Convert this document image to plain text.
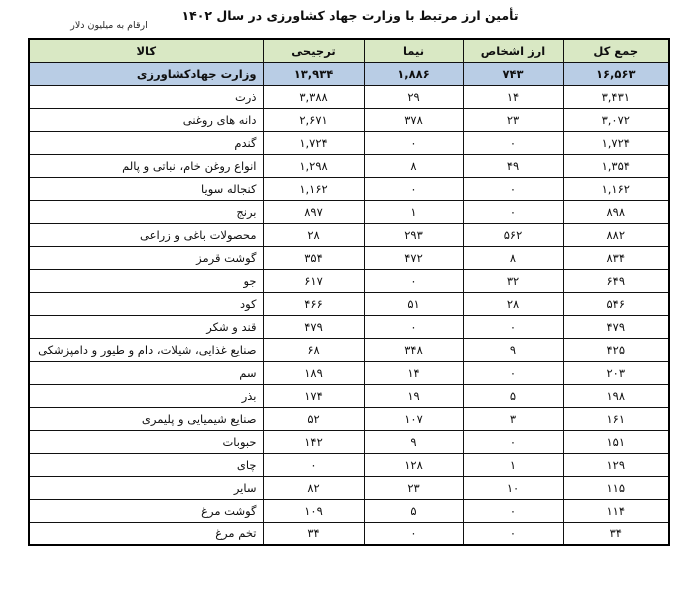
تأمین ارز مرتبط با وزارت جهاد کشاورزی در سال ۱۴۰۲
ارقام به میلیون دلار
جمع کل	ارز اشخاص	نیما	ترجیحی	کالا
۱۶,۵۶۳	۷۴۳	۱,۸۸۶	۱۳,۹۳۴	وزارت جهادکشاورزی
۳,۴۳۱	۱۴	۲۹	۳,۳۸۸	ذرت
۳,۰۷۲	۲۳	۳۷۸	۲,۶۷۱	دانه های روغنی
۱,۷۲۴	۰	۰	۱,۷۲۴	گندم
۱,۳۵۴	۴۹	۸	۱,۲۹۸	انواع روغن خام، نباتی و پالم
۱,۱۶۲	۰	۰	۱,۱۶۲	کنجاله سویا
۸۹۸	۰	۱	۸۹۷	برنج
۸۸۲	۵۶۲	۲۹۳	۲۸	محصولات باغی و زراعی
۸۳۴	۸	۴۷۲	۳۵۴	گوشت قرمز
۶۴۹	۳۲	۰	۶۱۷	جو
۵۴۶	۲۸	۵۱	۴۶۶	کود
۴۷۹	۰	۰	۴۷۹	قند و شکر
۴۲۵	۹	۳۴۸	۶۸	صنایع غذایی، شیلات، دام و طیور و دامپزشکی
۲۰۳	۰	۱۴	۱۸۹	سم
۱۹۸	۵	۱۹	۱۷۴	بذر
۱۶۱	۳	۱۰۷	۵۲	صنایع شیمیایی و پلیمری
۱۵۱	۰	۹	۱۴۲	حبوبات
۱۲۹	۱	۱۲۸	۰	چای
۱۱۵	۱۰	۲۳	۸۲	سایر
۱۱۴	۰	۵	۱۰۹	گوشت مرغ
۳۴	۰	۰	۳۴	تخم مرغ
